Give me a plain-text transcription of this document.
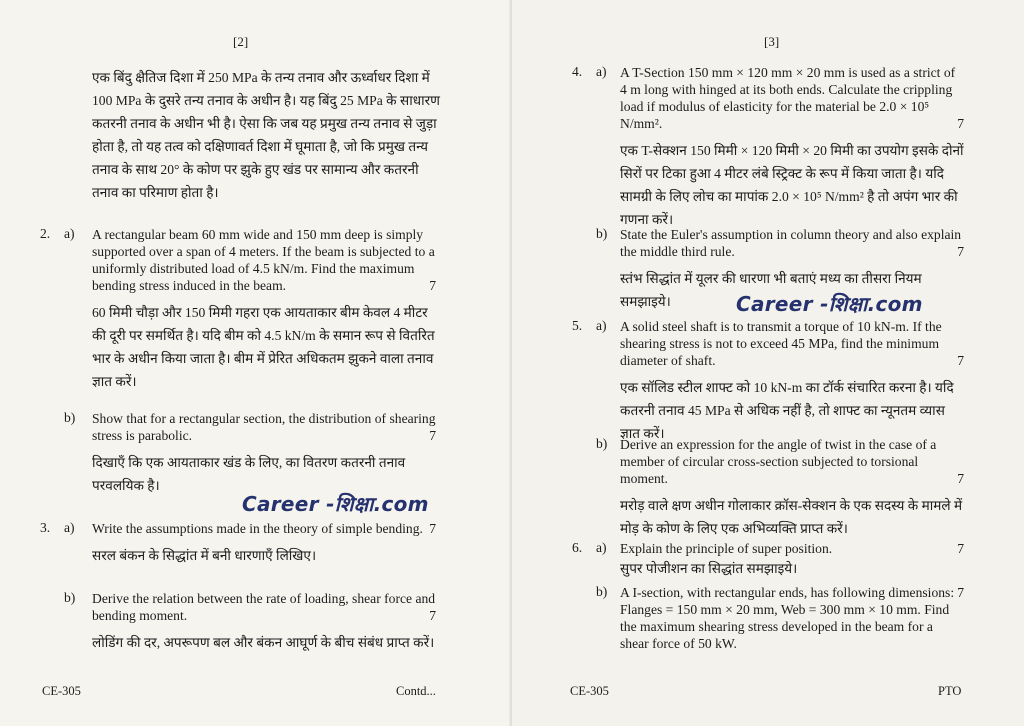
[2]
एक बिंदु क्षैतिज दिशा में 250 MPa के तन्य तनाव और ऊर्ध्वाधर दिशा में 100 MPa के दुसरे तन्य तनाव के अधीन है। यह बिंदु 25 MPa के साधारण कतरनी तनाव के अधीन भी है। ऐसा कि जब यह प्रमुख तन्य तनाव से जुड़ा होता है, तो यह तत्व को दक्षिणावर्त दिशा में घूमाता है, जो कि प्रमुख तन्य तनाव के साथ 20° के कोण पर झुके हुए खंड पर सामान्य और कतरनी तनाव का परिमाण होता है।
2. a) A rectangular beam 60 mm wide and 150 mm deep is simply supported over a span of 4 meters. If the beam is subjected to a uniformly distributed load of 4.5 kN/m. Find the maximum bending stress induced in the beam.	7

60 मिमी चौड़ा और 150 मिमी गहरा एक आयताकार बीम केवल 4 मीटर की दूरी पर समर्थित है। यदि बीम को 4.5 kN/m के समान रूप से वितरित भार के अधीन किया जाता है। बीम में प्रेरित अधिकतम झुकने वाला तनाव ज्ञात करें।

b) Show that for a rectangular section, the distribution of shearing stress is parabolic.	7

दिखाएँ कि एक आयताकार खंड के लिए, का वितरण कतरनी तनाव परवलयिक है।

Career -शिक्षा.com
3. a) Write the assumptions made in the theory of simple bending. 7

सरल बंकन के सिद्धांत में बनी धारणाएँ लिखिए।

b) Derive the relation between the rate of loading, shear force and bending moment.	7

लोडिंग की दर, अपरूपण बल और बंकन आघूर्ण के बीच संबंध प्राप्त करें।

CE-305	Contd...
[3]
4. a) A T-Section 150 mm × 120 mm × 20 mm is used as a strict of 4 m long with hinged at its both ends. Calculate the crippling load if modulus of elasticity for the material be 2.0 × 10⁵ N/mm².	7

एक T-सेक्शन 150 मिमी × 120 मिमी × 20 मिमी का उपयोग इसके दोनों सिरों पर टिका हुआ 4 मीटर लंबे स्ट्रिक्ट के रूप में किया जाता है। यदि सामग्री के लिए लोच का मापांक 2.0 × 10⁵ N/mm² है तो अपंग भार की गणना करें।

b) State the Euler's assumption in column theory and also explain the middle third rule.	7

स्तंभ सिद्धांत में यूलर की धारणा भी बताएं मध्य का तीसरा नियम समझाइये।	Career -शिक्षा.com
5. a) A solid steel shaft is to transmit a torque of 10 kN-m. If the shearing stress is not to exceed 45 MPa, find the minimum diameter of shaft.	7

एक सॉलिड स्टील शाफ्ट को 10 kN-m का टॉर्क संचारित करना है। यदि कतरनी तनाव 45 MPa से अधिक नहीं है, तो शाफ्ट का न्यूनतम व्यास ज्ञात करें।

b) Derive an expression for the angle of twist in the case of a member of circular cross-section subjected to torsional moment.	7

मरोड़ वाले क्षण अधीन गोलाकार क्रॉस-सेक्शन के एक सदस्य के मामले में मोड़ के कोण के लिए एक अभिव्यक्ति प्राप्त करें।

6. a) Explain the principle of super position.	7

सुपर पोजीशन का सिद्धांत समझाइये।

b) A I-section, with rectangular ends, has following dimensions: 7

Flanges = 150 mm × 20 mm, Web = 300 mm × 10 mm. Find the maximum shearing stress developed in the beam for a shear force of 50 kW.

CE-305	PTO
